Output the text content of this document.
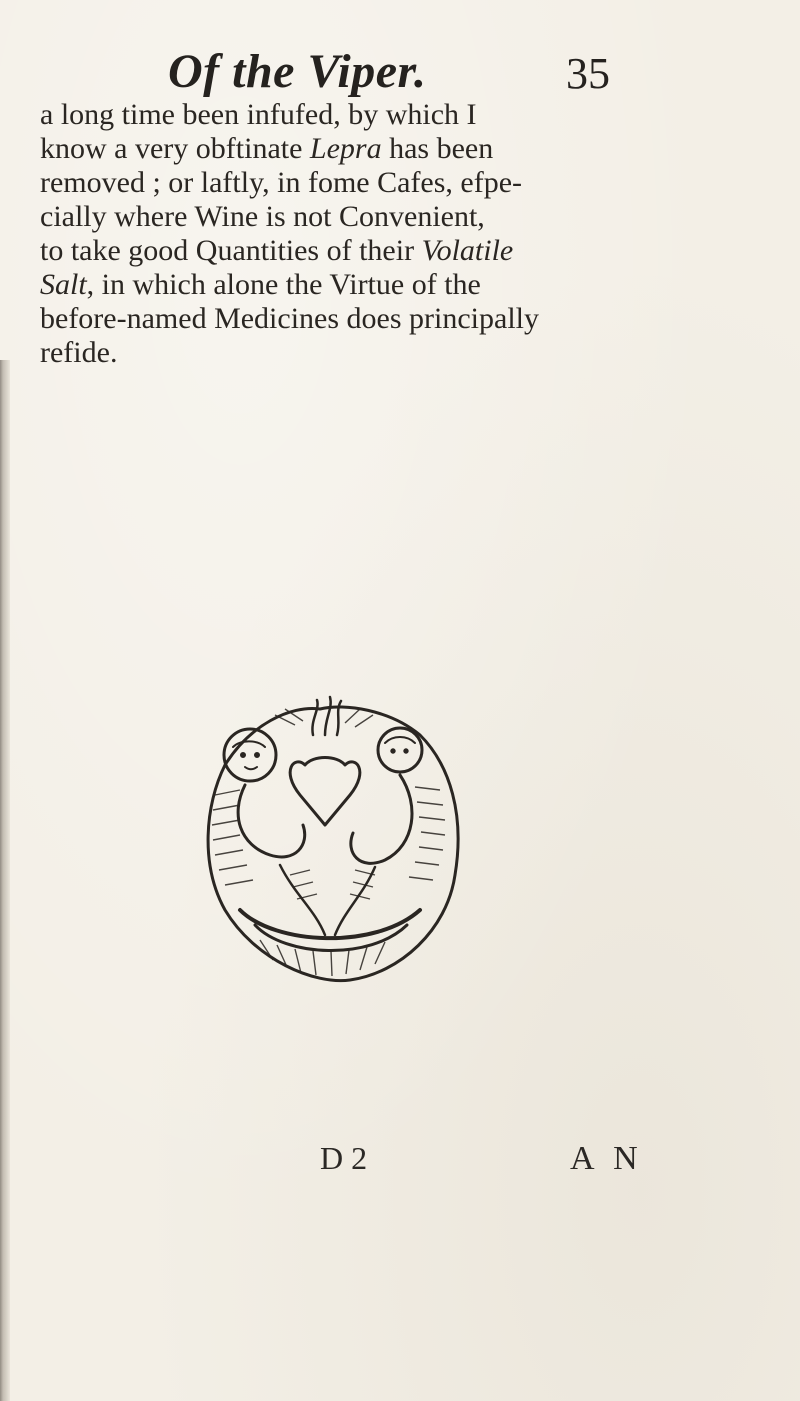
Of the Viper.	35
a long time been infufed, by which I
know a very obftinate Lepra has been
removed ; or laftly, in fome Cafes, efpe-
cially where Wine is not Convenient,
to take good Quantities of their Volatile
Salt, in which alone the Virtue of the
before-named Medicines does principally
refide.
D 2	A N
